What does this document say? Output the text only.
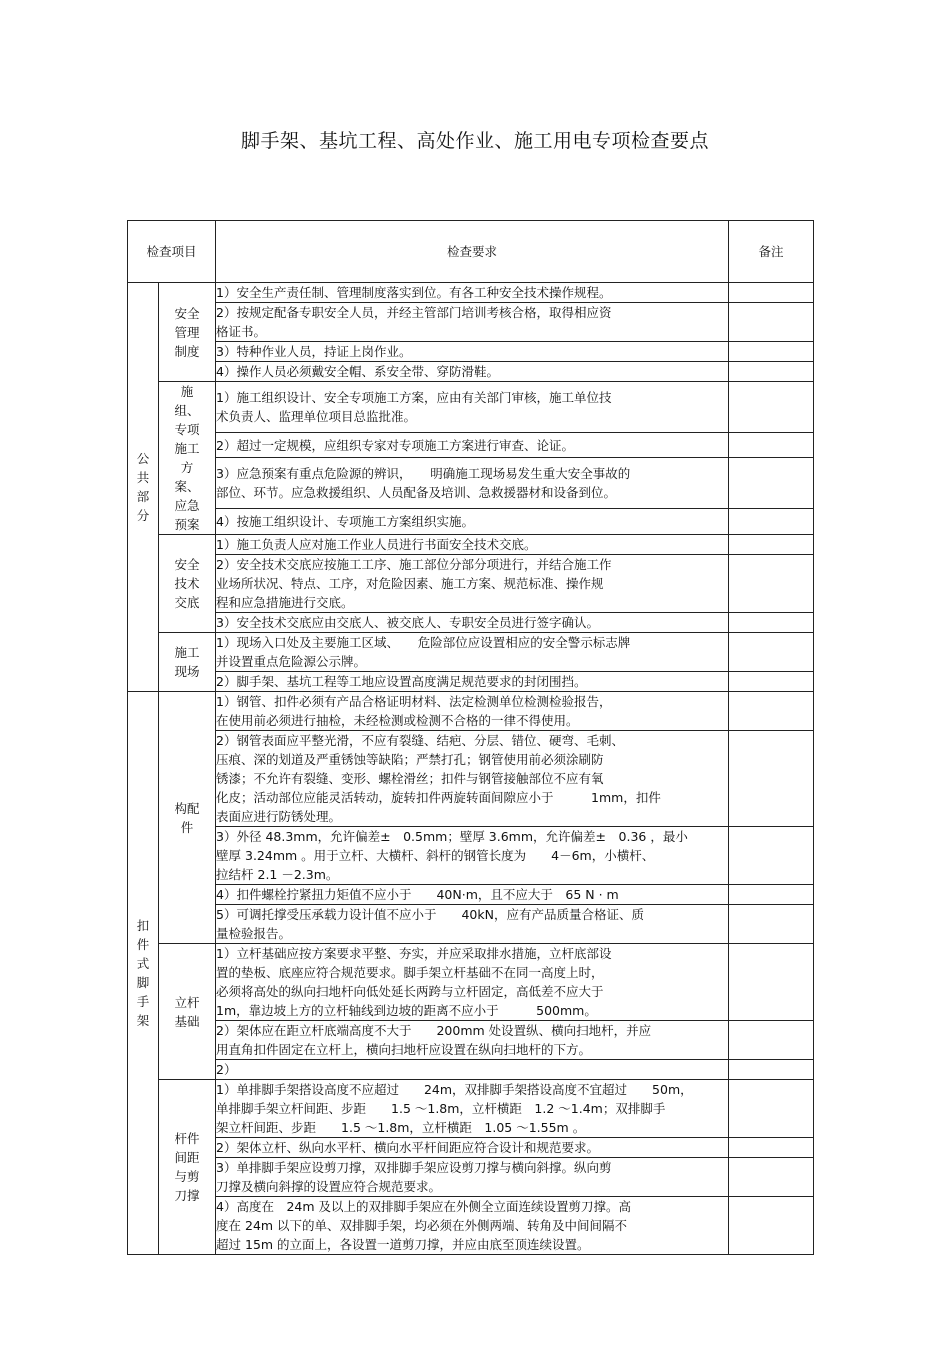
脚手架、基坑工程、高处作业、施工用电专项检查要点
检查项目		检查要求	备注
公共部分	安全管理制度	1）安全生产责任制、管理制度落实到位。有各工种安全技术操作规程。	

		2）按规定配备专职安全人员，并经主管部门培训考核合格，取得相应资
格证书。	

		3）特种作业人员，持证上岗作业。	

		4）操作人员必须戴安全帽、系安全带、穿防滑鞋。	

	施组、专项施工方案、应急预案	1）施工组织设计、安全专项施工方案，应由有关部门审核，施工单位技
术负责人、监理单位项目总监批准。	

		2）超过一定规模，应组织专家对专项施工方案进行审查、论证。	

		3）应急预案有重点危险源的辨识，　　明确施工现场易发生重大安全事故的
部位、环节。应急救援组织、人员配备及培训、急救援器材和设备到位。	

		4）按施工组织设计、专项施工方案组织实施。	

	安全技术交底	1）施工负责人应对施工作业人员进行书面安全技术交底。	

		2）安全技术交底应按施工工序、施工部位分部分项进行，并结合施工作
业场所状况、特点、工序，对危险因素、施工方案、规范标准、操作规
程和应急措施进行交底。	

		3）安全技术交底应由交底人、被交底人、专职安全员进行签字确认。	

	施工现场	1）现场入口处及主要施工区域、　　危险部位应设置相应的安全警示标志牌
并设置重点危险源公示牌。	

		2）脚手架、基坑工程等工地应设置高度满足规范要求的封闭围挡。	

扣件式脚手架	构配件	1）钢管、扣件必须有产品合格证明材料、法定检测单位检测检验报告，
在使用前必须进行抽检，未经检测或检测不合格的一律不得使用。	

		2）钢管表面应平整光滑，不应有裂缝、结疤、分层、错位、硬弯、毛刺、
压痕、深的划道及严重锈蚀等缺陷；严禁打孔；钢管使用前必须涂刷防
锈漆；不允许有裂缝、变形、螺栓滑丝；扣件与钢管接触部位不应有氧
化皮；活动部位应能灵活转动，旋转扣件两旋转面间隙应小于　　　1mm，扣件
表面应进行防锈处理。	

		3）外径 48.3mm，允许偏差±　0.5mm；壁厚 3.6mm，允许偏差±　0.36 ，最小
壁厚 3.24mm 。用于立杆、大横杆、斜杆的钢管长度为　　4－6m，小横杆、
拉结杆 2.1 －2.3m。	

		4）扣件螺栓拧紧扭力矩值不应小于　　40N·m，且不应大于　65 N · m	

		5）可调托撑受压承载力设计值不应小于　　40kN，应有产品质量合格证、质
量检验报告。	

	立杆基础	1）立杆基础应按方案要求平整、夯实，并应采取排水措施，立杆底部设
置的垫板、底座应符合规范要求。脚手架立杆基础不在同一高度上时，
必须将高处的纵向扫地杆向低处延长两跨与立杆固定，高低差不应大于
1m，靠边坡上方的立杆轴线到边坡的距离不应小于　　　500mm。	

		2）架体应在距立杆底端高度不大于　　200mm 处设置纵、横向扫地杆，并应
用直角扣件固定在立杆上，横向扫地杆应设置在纵向扫地杆的下方。	

		2）	

	杆件间距与剪刀撑	1）单排脚手架搭设高度不应超过　　24m，双排脚手架搭设高度不宜超过　　50m，
单排脚手架立杆间距、步距　　1.5 ～1.8m，立杆横距　1.2 ～1.4m；双排脚手
架立杆间距、步距　　1.5 ～1.8m，立杆横距　1.05 ～1.55m 。	

		2）架体立杆、纵向水平杆、横向水平杆间距应符合设计和规范要求。	

		3）单排脚手架应设剪刀撑，双排脚手架应设剪刀撑与横向斜撑。纵向剪
刀撑及横向斜撑的设置应符合规范要求。	

		4）高度在　24m 及以上的双排脚手架应在外侧全立面连续设置剪刀撑。高
度在 24m 以下的单、双排脚手架，均必须在外侧两端、转角及中间间隔不
超过 15m 的立面上，各设置一道剪刀撑，并应由底至顶连续设置。	
